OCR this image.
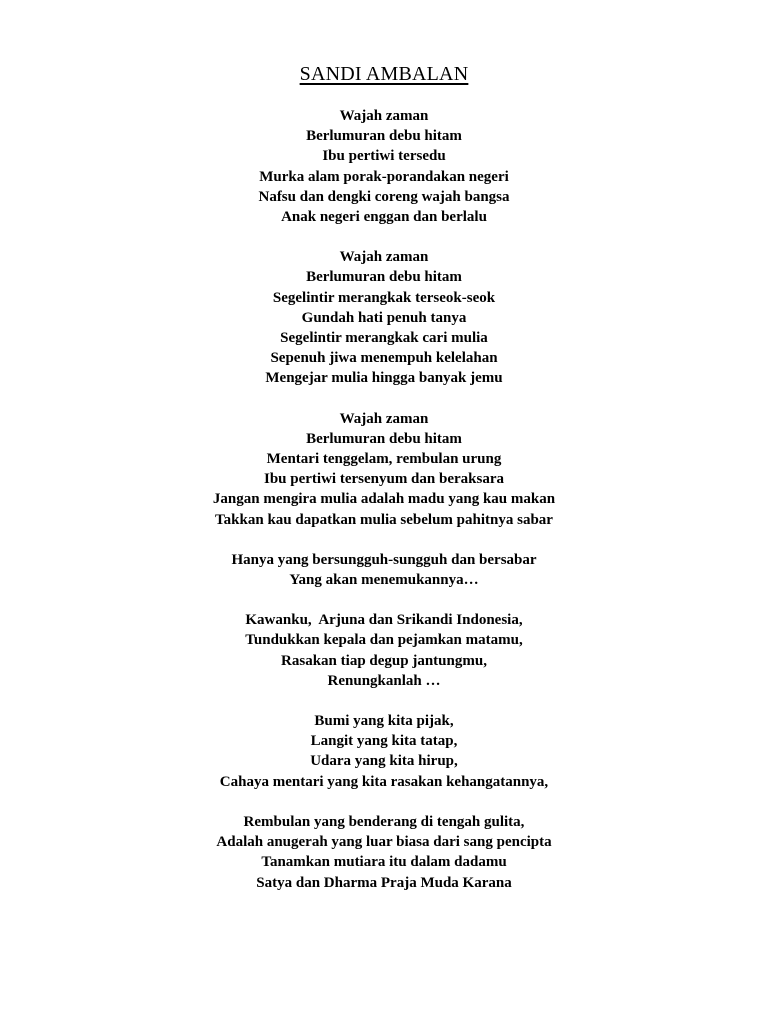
SANDI AMBALAN
Wajah zaman
Berlumuran debu hitam
Ibu pertiwi tersedu
Murka alam porak-porandakan negeri
Nafsu dan dengki coreng wajah bangsa
Anak negeri enggan dan berlalu
Wajah zaman
Berlumuran debu hitam
Segelintir merangkak terseok-seok
Gundah hati penuh tanya
Segelintir merangkak cari mulia
Sepenuh jiwa menempuh kelelahan
Mengejar mulia hingga banyak jemu
Wajah zaman
Berlumuran debu hitam
Mentari tenggelam, rembulan urung
Ibu pertiwi tersenyum dan beraksara
Jangan mengira mulia adalah madu yang kau makan
Takkan kau dapatkan mulia sebelum pahitnya sabar
Hanya yang bersungguh-sungguh dan bersabar
Yang akan menemukannya…
Kawanku,  Arjuna dan Srikandi Indonesia,
Tundukkan kepala dan pejamkan matamu,
Rasakan tiap degup jantungmu,
Renungkanlah …
Bumi yang kita pijak,
Langit yang kita tatap,
Udara yang kita hirup,
Cahaya mentari yang kita rasakan kehangatannya,
Rembulan yang benderang di tengah gulita,
Adalah anugerah yang luar biasa dari sang pencipta
Tanamkan mutiara itu dalam dadamu
Satya dan Dharma Praja Muda Karana
